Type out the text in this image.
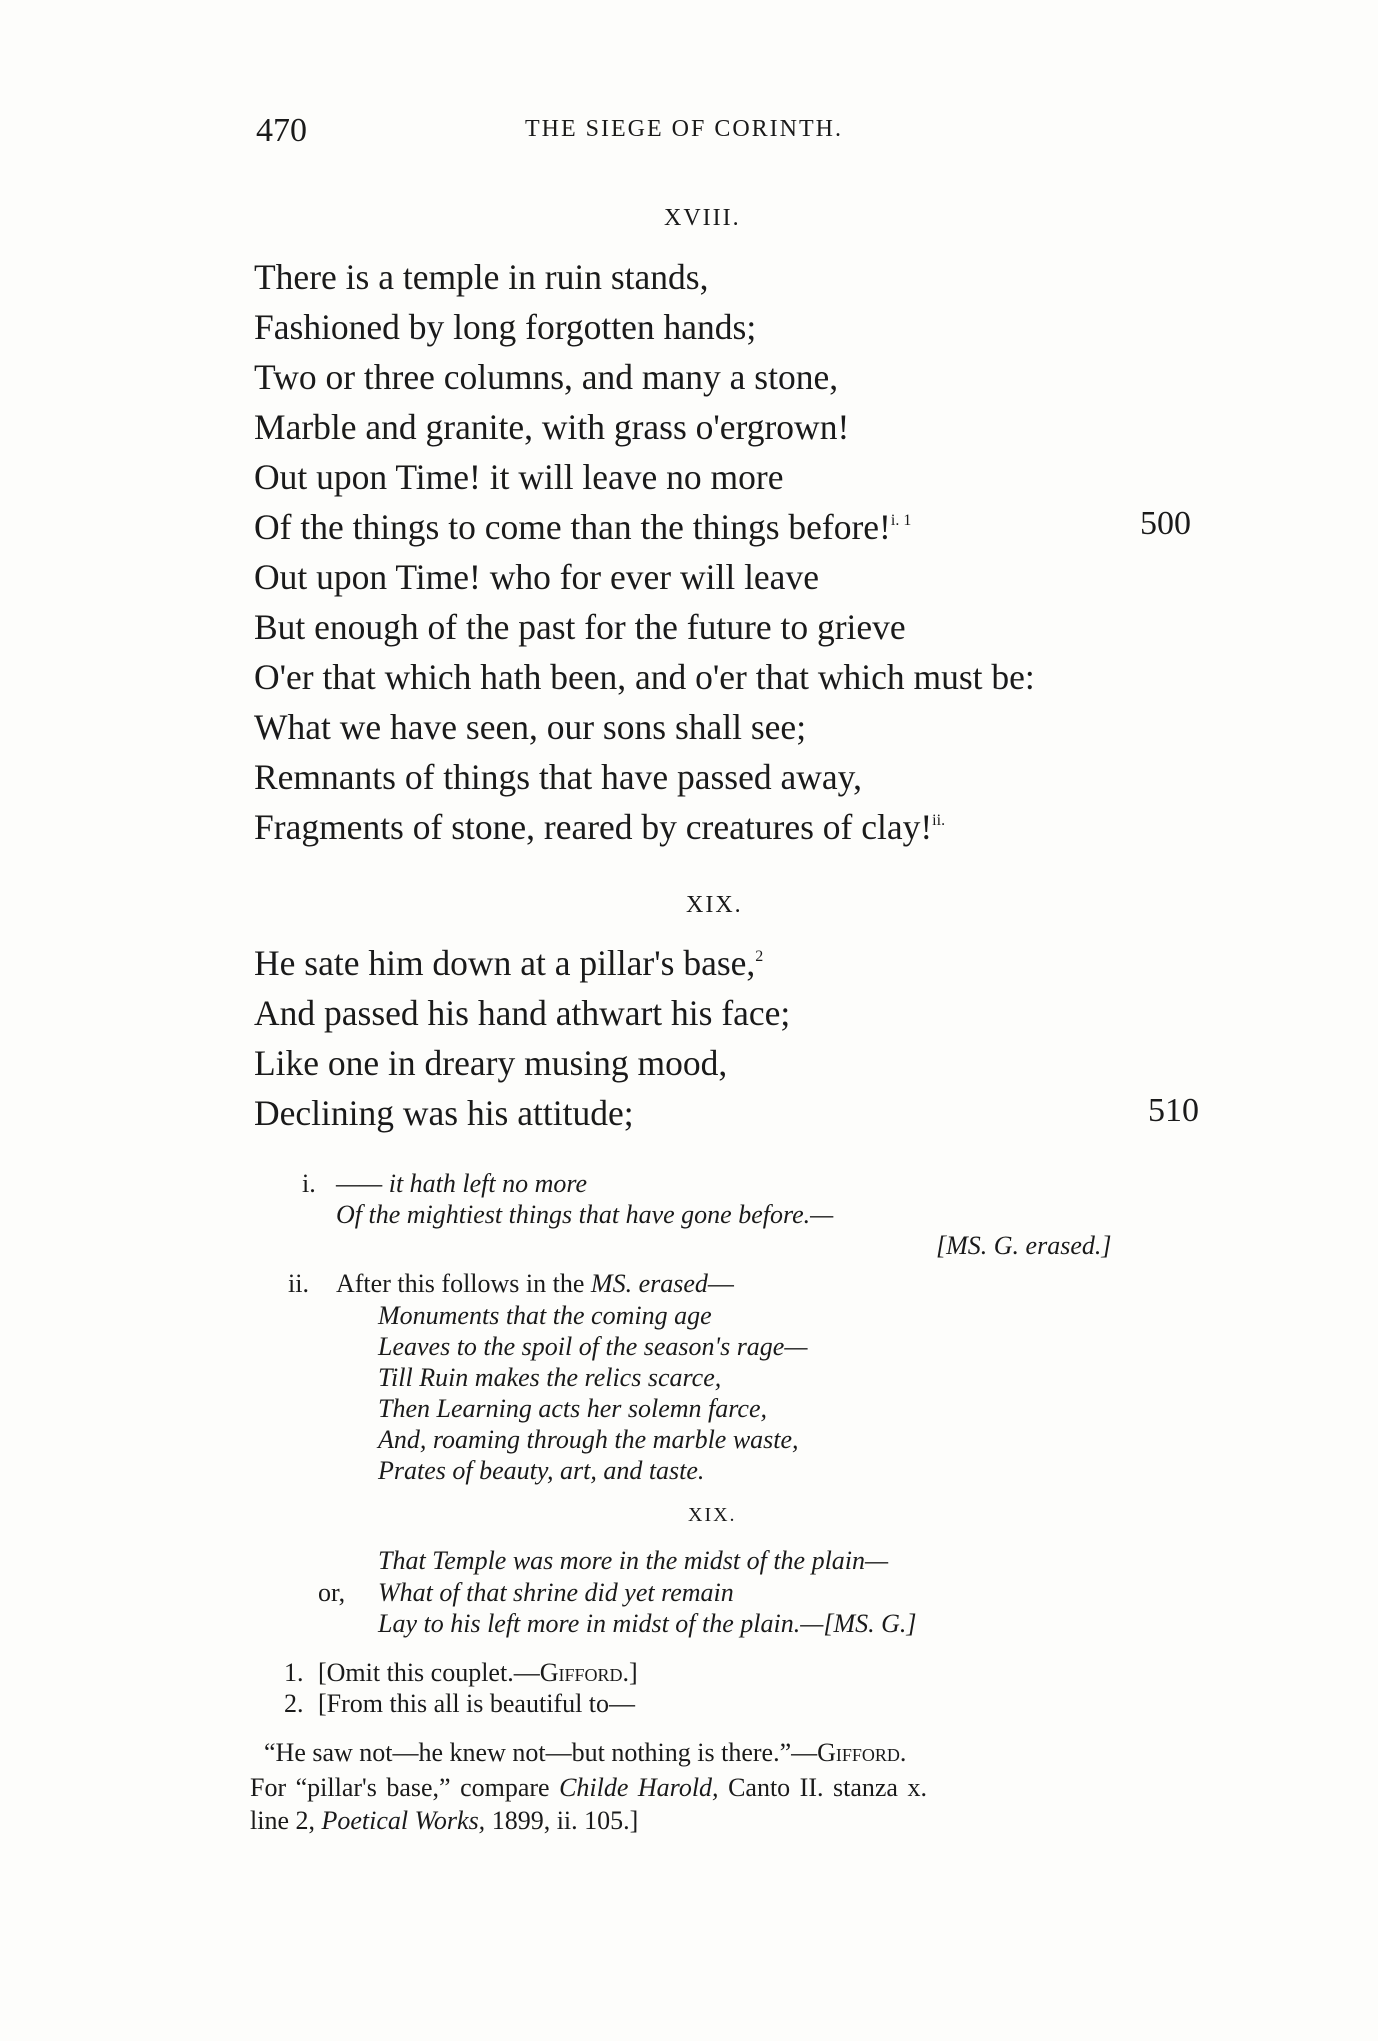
470	THE SIEGE OF CORINTH.
XVIII.
There is a temple in ruin stands,
Fashioned by long forgotten hands;
Two or three columns, and many a stone,
Marble and granite, with grass o'ergrown!
Out upon Time! it will leave no more
Of the things to come than the things before!$^{i. 1}$	500
Out upon Time! who for ever will leave
But enough of the past for the future to grieve
O'er that which hath been, and o'er that which must be:
What we have seen, our sons shall see;
Remnants of things that have passed away,
Fragments of stone, reared by creatures of clay!$^{ii.}$
XIX.
He sate him down at a pillar's base,$^2$
And passed his hand athwart his face;
Like one in dreary musing mood,
Declining was his attitude;	510
i. —— it hath left no more
Of the mightiest things that have gone before.—
[MS. G. erased.]
ii. After this follows in the MS. erased—
Monuments that the coming age
Leaves to the spoil of the season's rage—
Till Ruin makes the relics scarce,
Then Learning acts her solemn farce,
And, roaming through the marble waste,
Prates of beauty, art, and taste.
XIX.
That Temple was more in the midst of the plain—
or, What of that shrine did yet remain
Lay to his left more in midst of the plain.—[MS. G.]
1. [Omit this couplet.—Gifford.]
2. [From this all is beautiful to—
“He saw not—he knew not—but nothing is there.”—Gifford.
For “pillar's base,” compare Childe Harold, Canto II. stanza x.
line 2, Poetical Works, 1899, ii. 105.]
